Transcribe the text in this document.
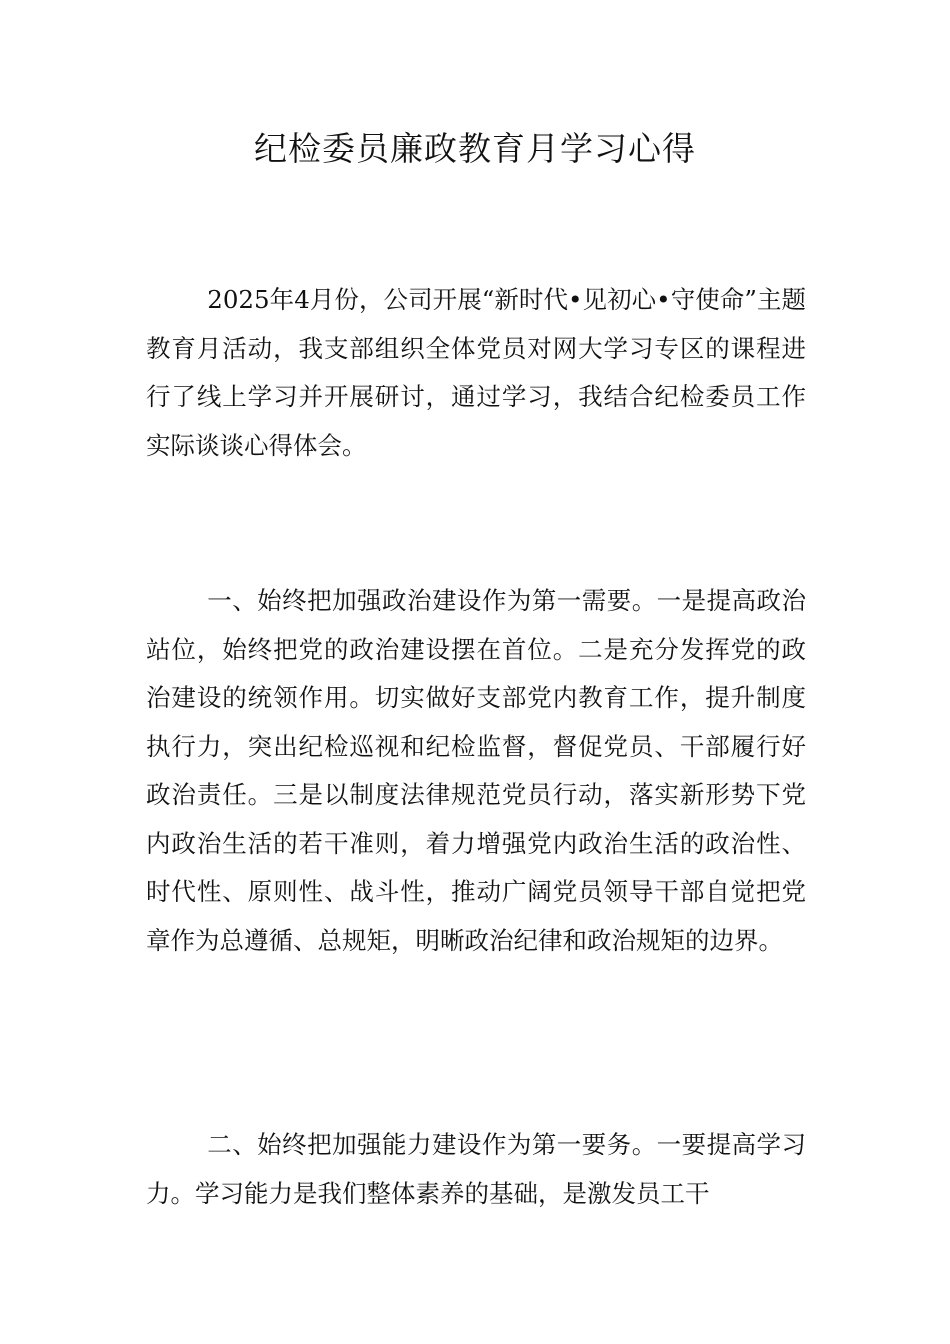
纪检委员廉政教育月学习心得

2025年4月份，公司开展“新时代•见初心•守使命”主题教育月活动，我支部组织全体党员对网大学习专区的课程进行了线上学习并开展研讨，通过学习，我结合纪检委员工作实际谈谈心得体会。

一、始终把加强政治建设作为第一需要。一是提高政治站位，始终把党的政治建设摆在首位。二是充分发挥党的政治建设的统领作用。切实做好支部党内教育工作，提升制度执行力，突出纪检巡视和纪检监督，督促党员、干部履行好政治责任。三是以制度法律规范党员行动，落实新形势下党内政治生活的若干准则，着力增强党内政治生活的政治性、时代性、原则性、战斗性，推动广阔党员领导干部自觉把党章作为总遵循、总规矩，明晰政治纪律和政治规矩的边界。

二、始终把加强能力建设作为第一要务。一要提高学习力。学习能力是我们整体素养的基础，是激发员工干
